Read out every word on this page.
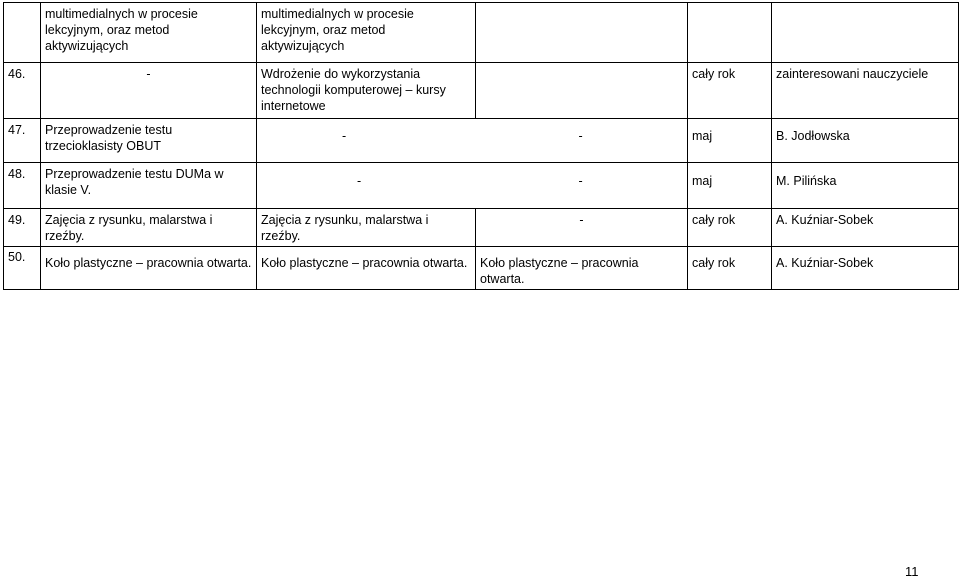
	multimedialnych w procesie lekcyjnym, oraz metod aktywizujących	multimedialnych w procesie lekcyjnym, oraz metod aktywizujących			
46.	-	Wdrożenie do wykorzystania technologii komputerowej – kursy internetowe		cały rok	zainteresowani nauczyciele
47.	Przeprowadzenie testu trzecioklasisty OBUT	-	-	maj	B. Jodłowska
48.	Przeprowadzenie testu DUMa w klasie V.	-	-	maj	M. Pilińska
49.	Zajęcia z rysunku, malarstwa i rzeźby.	Zajęcia z rysunku, malarstwa i rzeźby.	-	cały rok	A. Kuźniar-Sobek
50.	Koło plastyczne – pracownia otwarta.	Koło plastyczne – pracownia otwarta.	Koło plastyczne – pracownia otwarta.	cały rok	A. Kuźniar-Sobek
11
